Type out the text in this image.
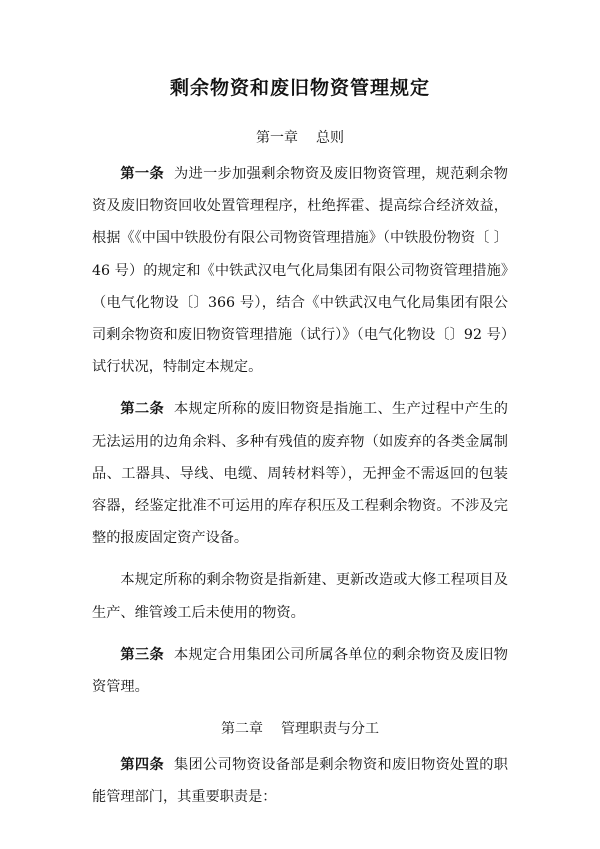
剩余物资和废旧物资管理规定
第一章 总则

第一条 为进一步加强剩余物资及废旧物资管理，规范剩余物资及废旧物资回收处置管理程序，杜绝挥霍、提高综合经济效益，根据《《中国中铁股份有限公司物资管理措施》（中铁股份物资〔 〕46 号）的规定和《中铁武汉电气化局集团有限公司物资管理措施》（电气化物设〔〕366 号），结合《中铁武汉电气化局集团有限公司剩余物资和废旧物资管理措施（试行）》（电气化物设〔〕92 号）试行状况，特制定本规定。

第二条 本规定所称的废旧物资是指施工、生产过程中产生的无法运用的边角余料、多种有残值的废弃物（如废弃的各类金属制品、工器具、导线、电缆、周转材料等），无押金不需返回的包装容器，经鉴定批准不可运用的库存积压及工程剩余物资。不涉及完整的报废固定资产设备。

本规定所称的剩余物资是指新建、更新改造或大修工程项目及生产、维管竣工后未使用的物资。

第三条 本规定合用集团公司所属各单位的剩余物资及废旧物资管理。

第二章 管理职责与分工

第四条 集团公司物资设备部是剩余物资和废旧物资处置的职能管理部门，其重要职责是：
